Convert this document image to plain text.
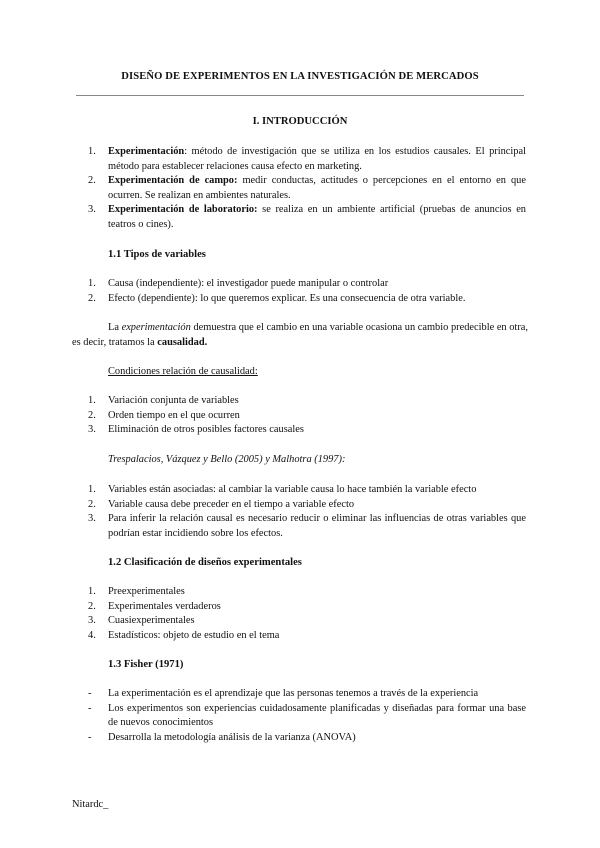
DISEÑO DE EXPERIMENTOS EN LA INVESTIGACIÓN DE MERCADOS
I. INTRODUCCIÓN
1. Experimentación: método de investigación que se utiliza en los estudios causales. El principal método para establecer relaciones causa efecto en marketing.
2. Experimentación de campo: medir conductas, actitudes o percepciones en el entorno en que ocurren. Se realizan en ambientes naturales.
3. Experimentación de laboratorio: se realiza en un ambiente artificial (pruebas de anuncios en teatros o cines).
1.1 Tipos de variables
1. Causa (independiente): el investigador puede manipular o controlar
2. Efecto (dependiente): lo que queremos explicar. Es una consecuencia de otra variable.

La experimentación demuestra que el cambio en una variable ocasiona un cambio predecible en otra, es decir, tratamos la causalidad.

Condiciones relación de causalidad:
1. Variación conjunta de variables
2. Orden tiempo en el que ocurren
3. Eliminación de otros posibles factores causales
Trespalacios, Vázquez y Bello (2005) y Malhotra (1997):
1. Variables están asociadas: al cambiar la variable causa lo hace también la variable efecto
2. Variable causa debe preceder en el tiempo a variable efecto
3. Para inferir la relación causal es necesario reducir o eliminar las influencias de otras variables que podrían estar incidiendo sobre los efectos.
1.2 Clasificación de diseños experimentales
1. Preexperimentales
2. Experimentales verdaderos
3. Cuasiexperimentales
4. Estadísticos: objeto de estudio en el tema
1.3 Fisher (1971)
- La experimentación es el aprendizaje que las personas tenemos a través de la experiencia
- Los experimentos son experiencias cuidadosamente planificadas y diseñadas para formar una base de nuevos conocimientos
- Desarrolla la metodología análisis de la varianza (ANOVA)
Nitardc_
